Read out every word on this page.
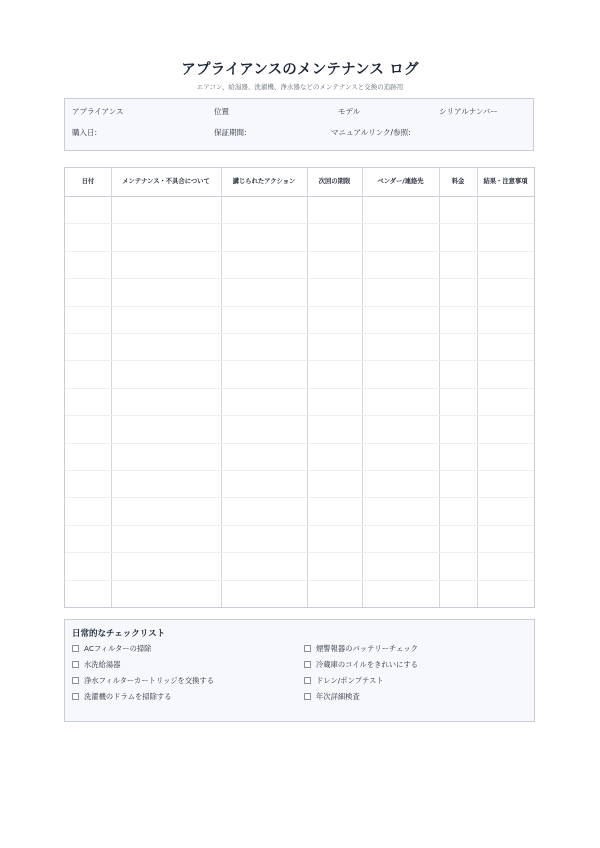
アプライアンスのメンテナンス ログ
エアコン、給湯器、洗濯機、浄水器などのメンテナンスと交換の追跡用
アプライアンス	位置	モデル	シリアルナンバー
購入日:	保証期間:	マニュアルリンク/参照:
日付	メンテナンス・不具合について	講じられたアクション	次回の期限	ベンダー/連絡先	料金	結果・注意事項
日常的なチェックリスト
ACフィルターの掃除
水洗給湯器
浄水フィルターカートリッジを交換する
洗濯機のドラムを掃除する
煙警報器のバッテリーチェック
冷蔵庫のコイルをきれいにする
ドレン/ポンプテスト
年次詳細検査
